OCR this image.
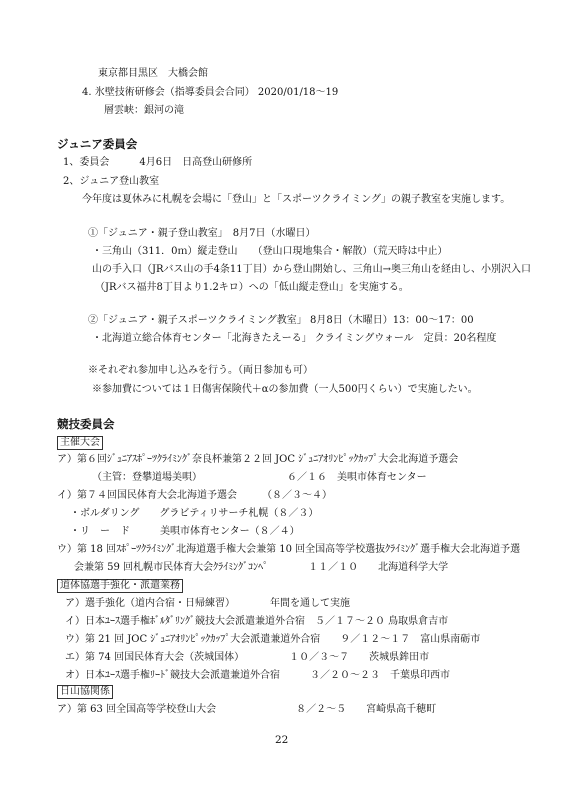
東京都目黒区　大橋会館
4. 氷壁技術研修会（指導委員会合同） 2020/01/18～19
層雲峡：銀河の滝
ジュニア委員会
1、委員会　　　4月6日　日高登山研修所
2、ジュニア登山教室
今年度は夏休みに札幌を会場に「登山」と「スポーツクライミング」の親子教室を実施します。
①「ジュニア・親子登山教室」　8月7日（水曜日）
・三角山（311．0ｍ）縦走登山　　（登山口現地集合・解散）（荒天時は中止）
山の手入口（JRバス山の手4条11丁目）から登山開始し、三角山→奥三角山を経由し、小別沢入口
（JRバス福井8丁目より1.2キロ）への「低山縦走登山」を実施する。
②「ジュニア・親子スポーツクライミング教室」 8月8日（木曜日）13：00～17：00
・北海道立総合体育センター「北海きたえーる」 クライミングウォール　定員：20名程度
※それぞれ参加申し込みを行う。（両日参加も可）
※参加費については１日傷害保険代＋αの参加費（一人500円くらい）で実施したい。
競技委員会
主催大会
ア）第６回ｼﾞｭﾆｱｽﾎﾟｰﾂｸﾗｲﾐﾝｸﾞ奈良杯兼第２２回 JOC ｼﾞｭﾆｱｵﾘﾝﾋﾟｯｸｶｯﾌﾟ大会北海道予選会
（主管：登攀道場美唄）　　　　　　　　　６／１６　美唄市体育センター
イ）第７４回国民体育大会北海道予選会　　　（８／３～４）
・ボルダリング　　グラビティリサーチ札幌（８／３）
・リ　ー　ド　　　美唄市体育センター（８／４）
ウ）第 18 回ｽﾎﾟｰﾂｸﾗｲﾐﾝｸﾞ北海道選手権大会兼第 10 回全国高等学校選抜ｸﾗｲﾐﾝｸﾞ選手権大会北海道予選
会兼第 59 回札幌市民体育大会ｸﾗｲﾐﾝｸﾞｺﾝﾍﾟ　　　　１１／１０　　北海道科学大学
道体協選手強化・派遣業務
ア）選手強化（道内合宿・日帰練習）　　　　年間を通して実施
イ）日本ﾕｰｽ選手権ﾎﾞﾙﾀﾞﾘﾝｸﾞ競技大会派遣兼道外合宿　５／１７～２０ 鳥取県倉吉市
ウ）第 21 回 JOC ｼﾞｭﾆｱｵﾘﾝﾋﾟｯｸｶｯﾌﾟ大会派遣兼道外合宿　　９／１２～１７　富山県南砺市
エ）第 74 回国民体育大会（茨城国体）　　　　　１０／３～７　　茨城県鉾田市
オ）日本ﾕｰｽ選手権ﾘｰﾄﾞ競技大会派遣兼道外合宿　　　３／２０～２３　千葉県印西市
日山協関係
ア）第 63 回全国高等学校登山大会　　　　　　　　８／２～５　　宮崎県高千穂町
22
